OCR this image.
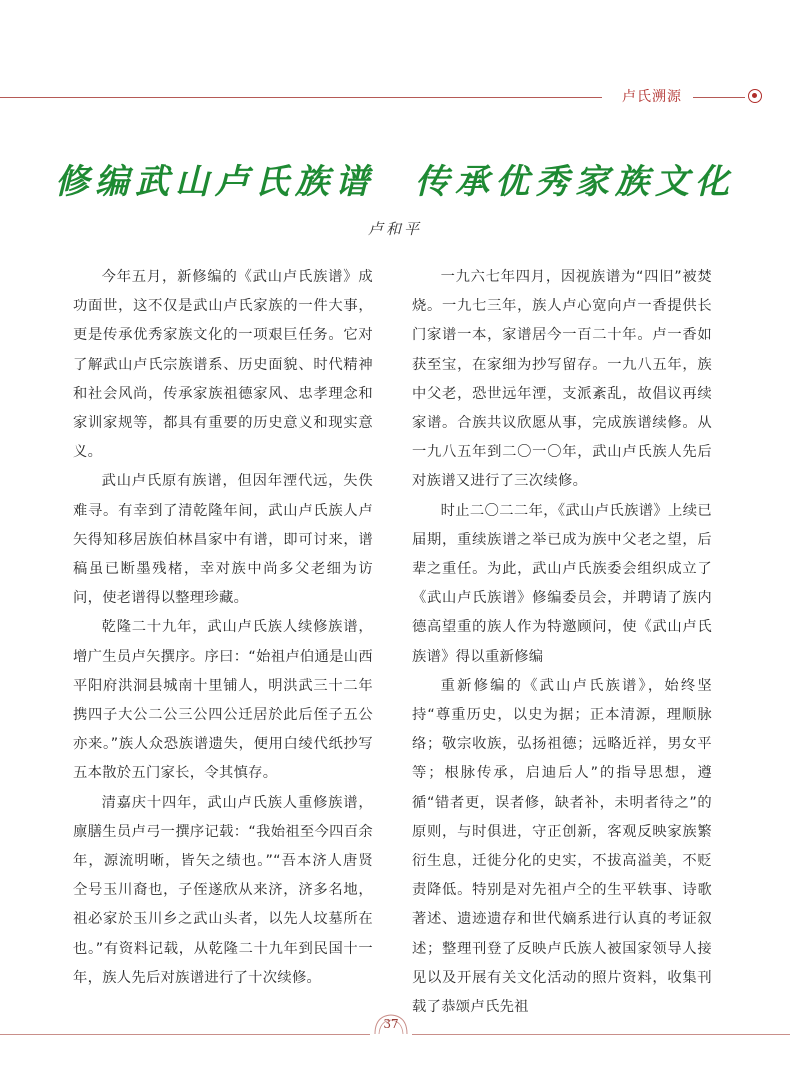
卢氏溯源
修编武山卢氏族谱　传承优秀家族文化
卢和平

今年五月，新修编的《武山卢氏族谱》成功面世，这不仅是武山卢氏家族的一件大事，更是传承优秀家族文化的一项艰巨任务。它对了解武山卢氏宗族谱系、历史面貌、时代精神和社会风尚，传承家族祖德家风、忠孝理念和家训家规等，都具有重要的历史意义和现实意义。

武山卢氏原有族谱，但因年湮代远，失佚难寻。有幸到了清乾隆年间，武山卢氏族人卢矢得知移居族伯林昌家中有谱，即可讨来，谱稿虽已断墨残楮，幸对族中尚多父老细为访问，使老谱得以整理珍藏。

乾隆二十九年，武山卢氏族人续修族谱，增广生员卢矢撰序。序曰：“始祖卢伯通是山西平阳府洪洞县城南十里铺人，明洪武三十二年携四子大公二公三公四公迁居於此后侄子五公亦来。”族人众恐族谱遗失，便用白绫代纸抄写五本散於五门家长，令其慎存。

清嘉庆十四年，武山卢氏族人重修族谱，廪膳生员卢弓一撰序记载：“我始祖至今四百余年，源流明晰，皆矢之绩也。”“吾本济人唐贤仝号玉川裔也，子侄遂欣从来济，济多名地，祖必家於玉川乡之武山头者，以先人坟墓所在也。”有资料记载，从乾隆二十九年到民国十一年，族人先后对族谱进行了十次续修。

一九六七年四月，因视族谱为“四旧”被焚烧。一九七三年，族人卢心宽向卢一香提供长门家谱一本，家谱居今一百二十年。卢一香如获至宝，在家细为抄写留存。一九八五年，族中父老，恐世远年湮，支派紊乱，故倡议再续家谱。合族共议欣愿从事，完成族谱续修。从一九八五年到二〇一〇年，武山卢氏族人先后对族谱又进行了三次续修。

时止二〇二二年，《武山卢氏族谱》上续已届期，重续族谱之举已成为族中父老之望，后辈之重任。为此，武山卢氏族委会组织成立了《武山卢氏族谱》修编委员会，并聘请了族内德高望重的族人作为特邀顾问，使《武山卢氏族谱》得以重新修编

重新修编的《武山卢氏族谱》，始终坚持“尊重历史，以史为据；正本清源，理顺脉络；敬宗收族，弘扬祖德；远略近祥，男女平等；根脉传承，启迪后人”的指导思想，遵循“错者更，误者修，缺者补，未明者待之”的原则，与时俱进，守正创新，客观反映家族繁衍生息，迁徙分化的史实，不拔高溢美，不贬责降低。特别是对先祖卢仝的生平轶事、诗歌著述、遗迹遗存和世代嫡系进行认真的考证叙述；整理刊登了反映卢氏族人被国家领导人接见以及开展有关文化活动的照片资料，收集刊载了恭颂卢氏先祖

37
